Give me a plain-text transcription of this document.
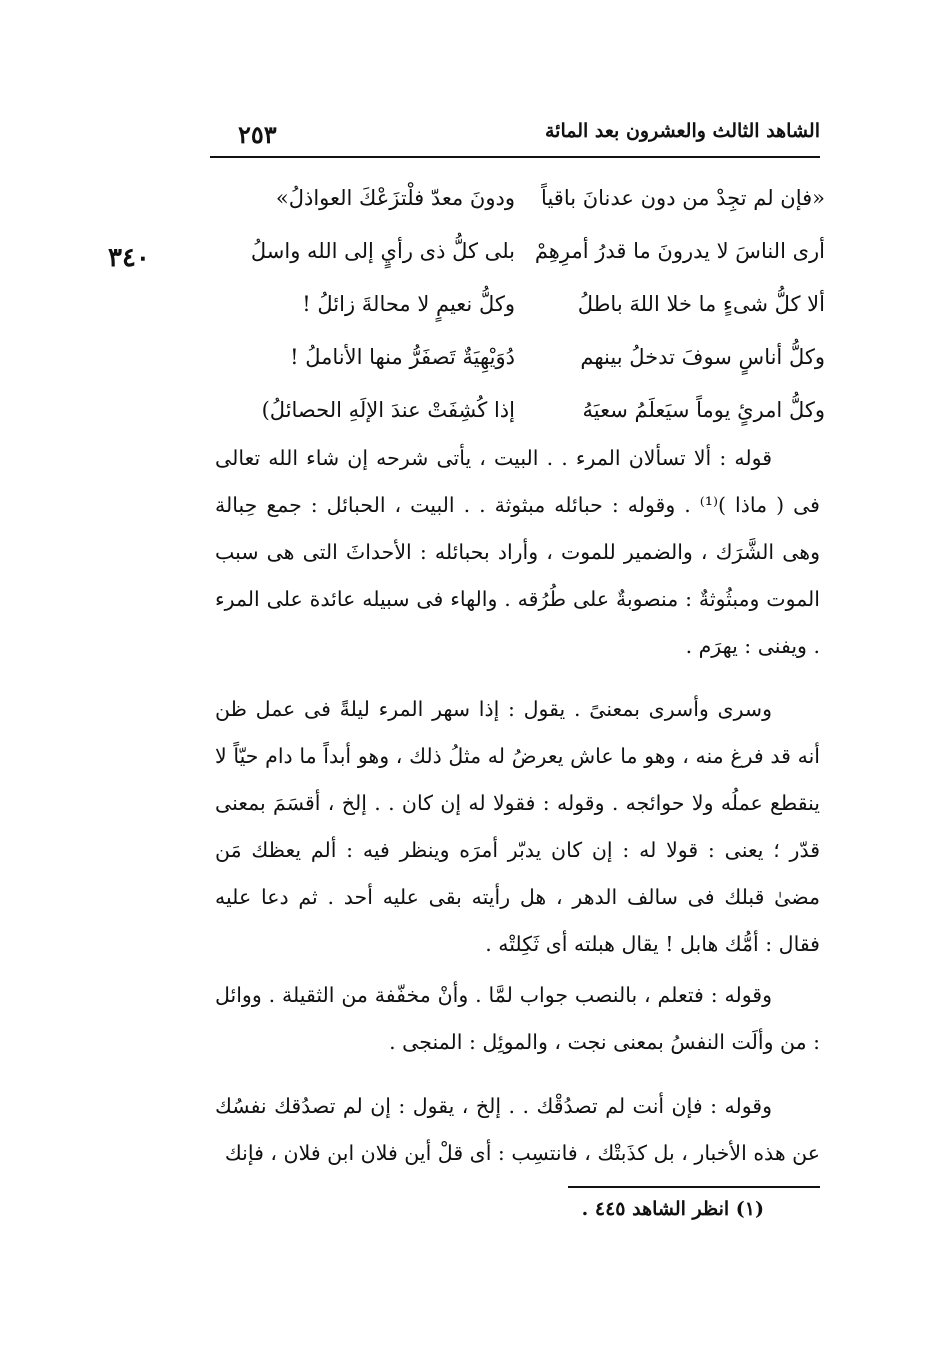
الشاهد الثالث والعشرون بعد المائة
٢٥٣
٣٤٠
«فإن لم تجِدْ من دون عدنانَ باقياً
ودونَ معدّ فلْتزَعْكَ العواذلُ»
أرى الناسَ لا يدرونَ ما قدرُ أمرِهِمْ
بلى كلُّ ذى رأيٍ إلى الله واسلُ
ألا كلُّ شىءٍ ما خلا اللهَ باطلُ
وكلُّ نعيمٍ لا محالةَ زائلُ !
وكلُّ أناسٍ سوفَ تدخلُ بينهم
دُوَيْهِيَةٌ تَصفَرُّ منها الأناملُ !
وكلُّ امرئٍ يوماً سيَعلَمُ سعيَهُ
إذا كُشِفَتْ عندَ الإلَهِ الحصائلُ)

قوله : ألا تسألان المرء . . البيت ، يأتى شرحه إن شاء الله تعالى فى ( ماذا )⁽¹⁾ . وقوله : حبائله مبثوثة . . البيت ، الحبائل : جمع حِبالة وهى الشَّرَك ، والضمير للموت ، وأراد بحبائله : الأحداثَ التى هى سبب الموت ومبثُوثةٌ : منصوبةٌ على طُرُقه . والهاء فى سبيله عائدة على المرء . ويفنى : يهرَم .

وسرى وأسرى بمعنىً . يقول : إذا سهر المرء ليلةً فى عمل ظن أنه قد فرغ منه ، وهو ما عاش يعرضُ له مثلُ ذلك ، وهو أبداً ما دام حيّاً لا ينقطع عملُه ولا حوائجه . وقوله : فقولا له إن كان . . إلخ ، أقسَمَ بمعنى قدّر ؛ يعنى : قولا له : إن كان يدبّر أمرَه وينظر فيه : ألم يعظك مَن مضىٰ قبلك فى سالف الدهر ، هل رأيته بقى عليه أحد . ثم دعا عليه فقال : أمُّك هابل ! يقال هبلته أى ثَكِلتْه .

وقوله : فتعلم ، بالنصب جواب لمَّا . وأنْ مخفّفة من الثقيلة . ووائل : من وألَت النفسُ بمعنى نجت ، والموئِل : المنجى .

وقوله : فإن أنت لم تصدُقْك . . إلخ ، يقول : إن لم تصدُقك نفسُك عن هذه الأخبار ، بل كذَبتْك ، فانتسِب : أى قلْ أين فلان ابن فلان ، فإنك

(١) انظر الشاهد ٤٤٥ .
